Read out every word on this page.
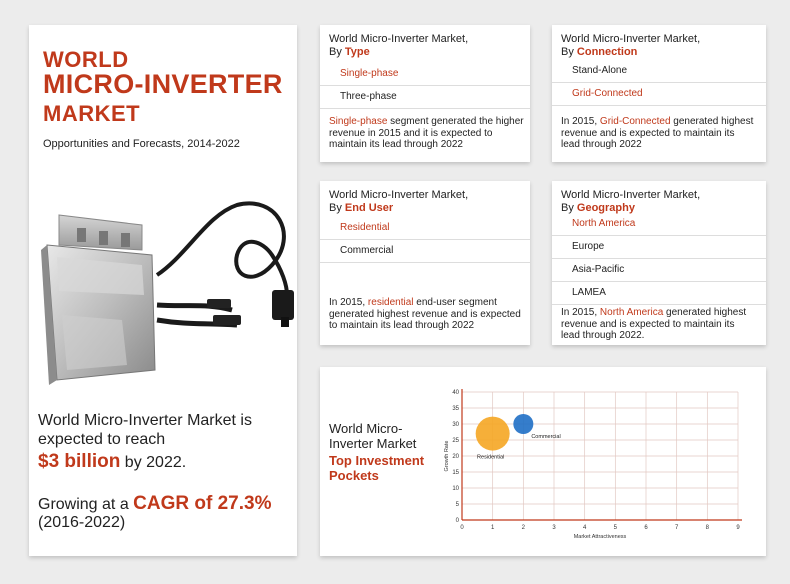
WORLD
MICRO-INVERTER
MARKET
Opportunities and Forecasts, 2014-2022
World Micro-Inverter Market is
expected to reach
$3 billion by 2022.
Growing at a CAGR of 27.3%
(2016-2022)
World Micro-Inverter Market,
By Type
Single-phase
Three-phase
Single-phase segment generated the higher
revenue in 2015 and it is expected to
maintain its lead through 2022
World Micro-Inverter Market,
By Connection
Stand-Alone
Grid-Connected
In 2015, Grid-Connected generated highest
revenue and is expected to maintain its
lead through 2022
World Micro-Inverter Market,
By End User
Residential
Commercial
In 2015, residential end-user segment
generated highest revenue and is expected
to maintain its lead through 2022
World Micro-Inverter Market,
By Geography
North America
Europe
Asia-Pacific
LAMEA
In 2015, North America generated highest
revenue and is expected to maintain its
lead through 2022.
World Micro-
Inverter Market
Top Investment
Pockets
0	1	2	3	4	5	6	7	8	9
0
5
10
15
20
25
30
35
40
Market Attractiveness
Growth Rate	Residential
Commercial
